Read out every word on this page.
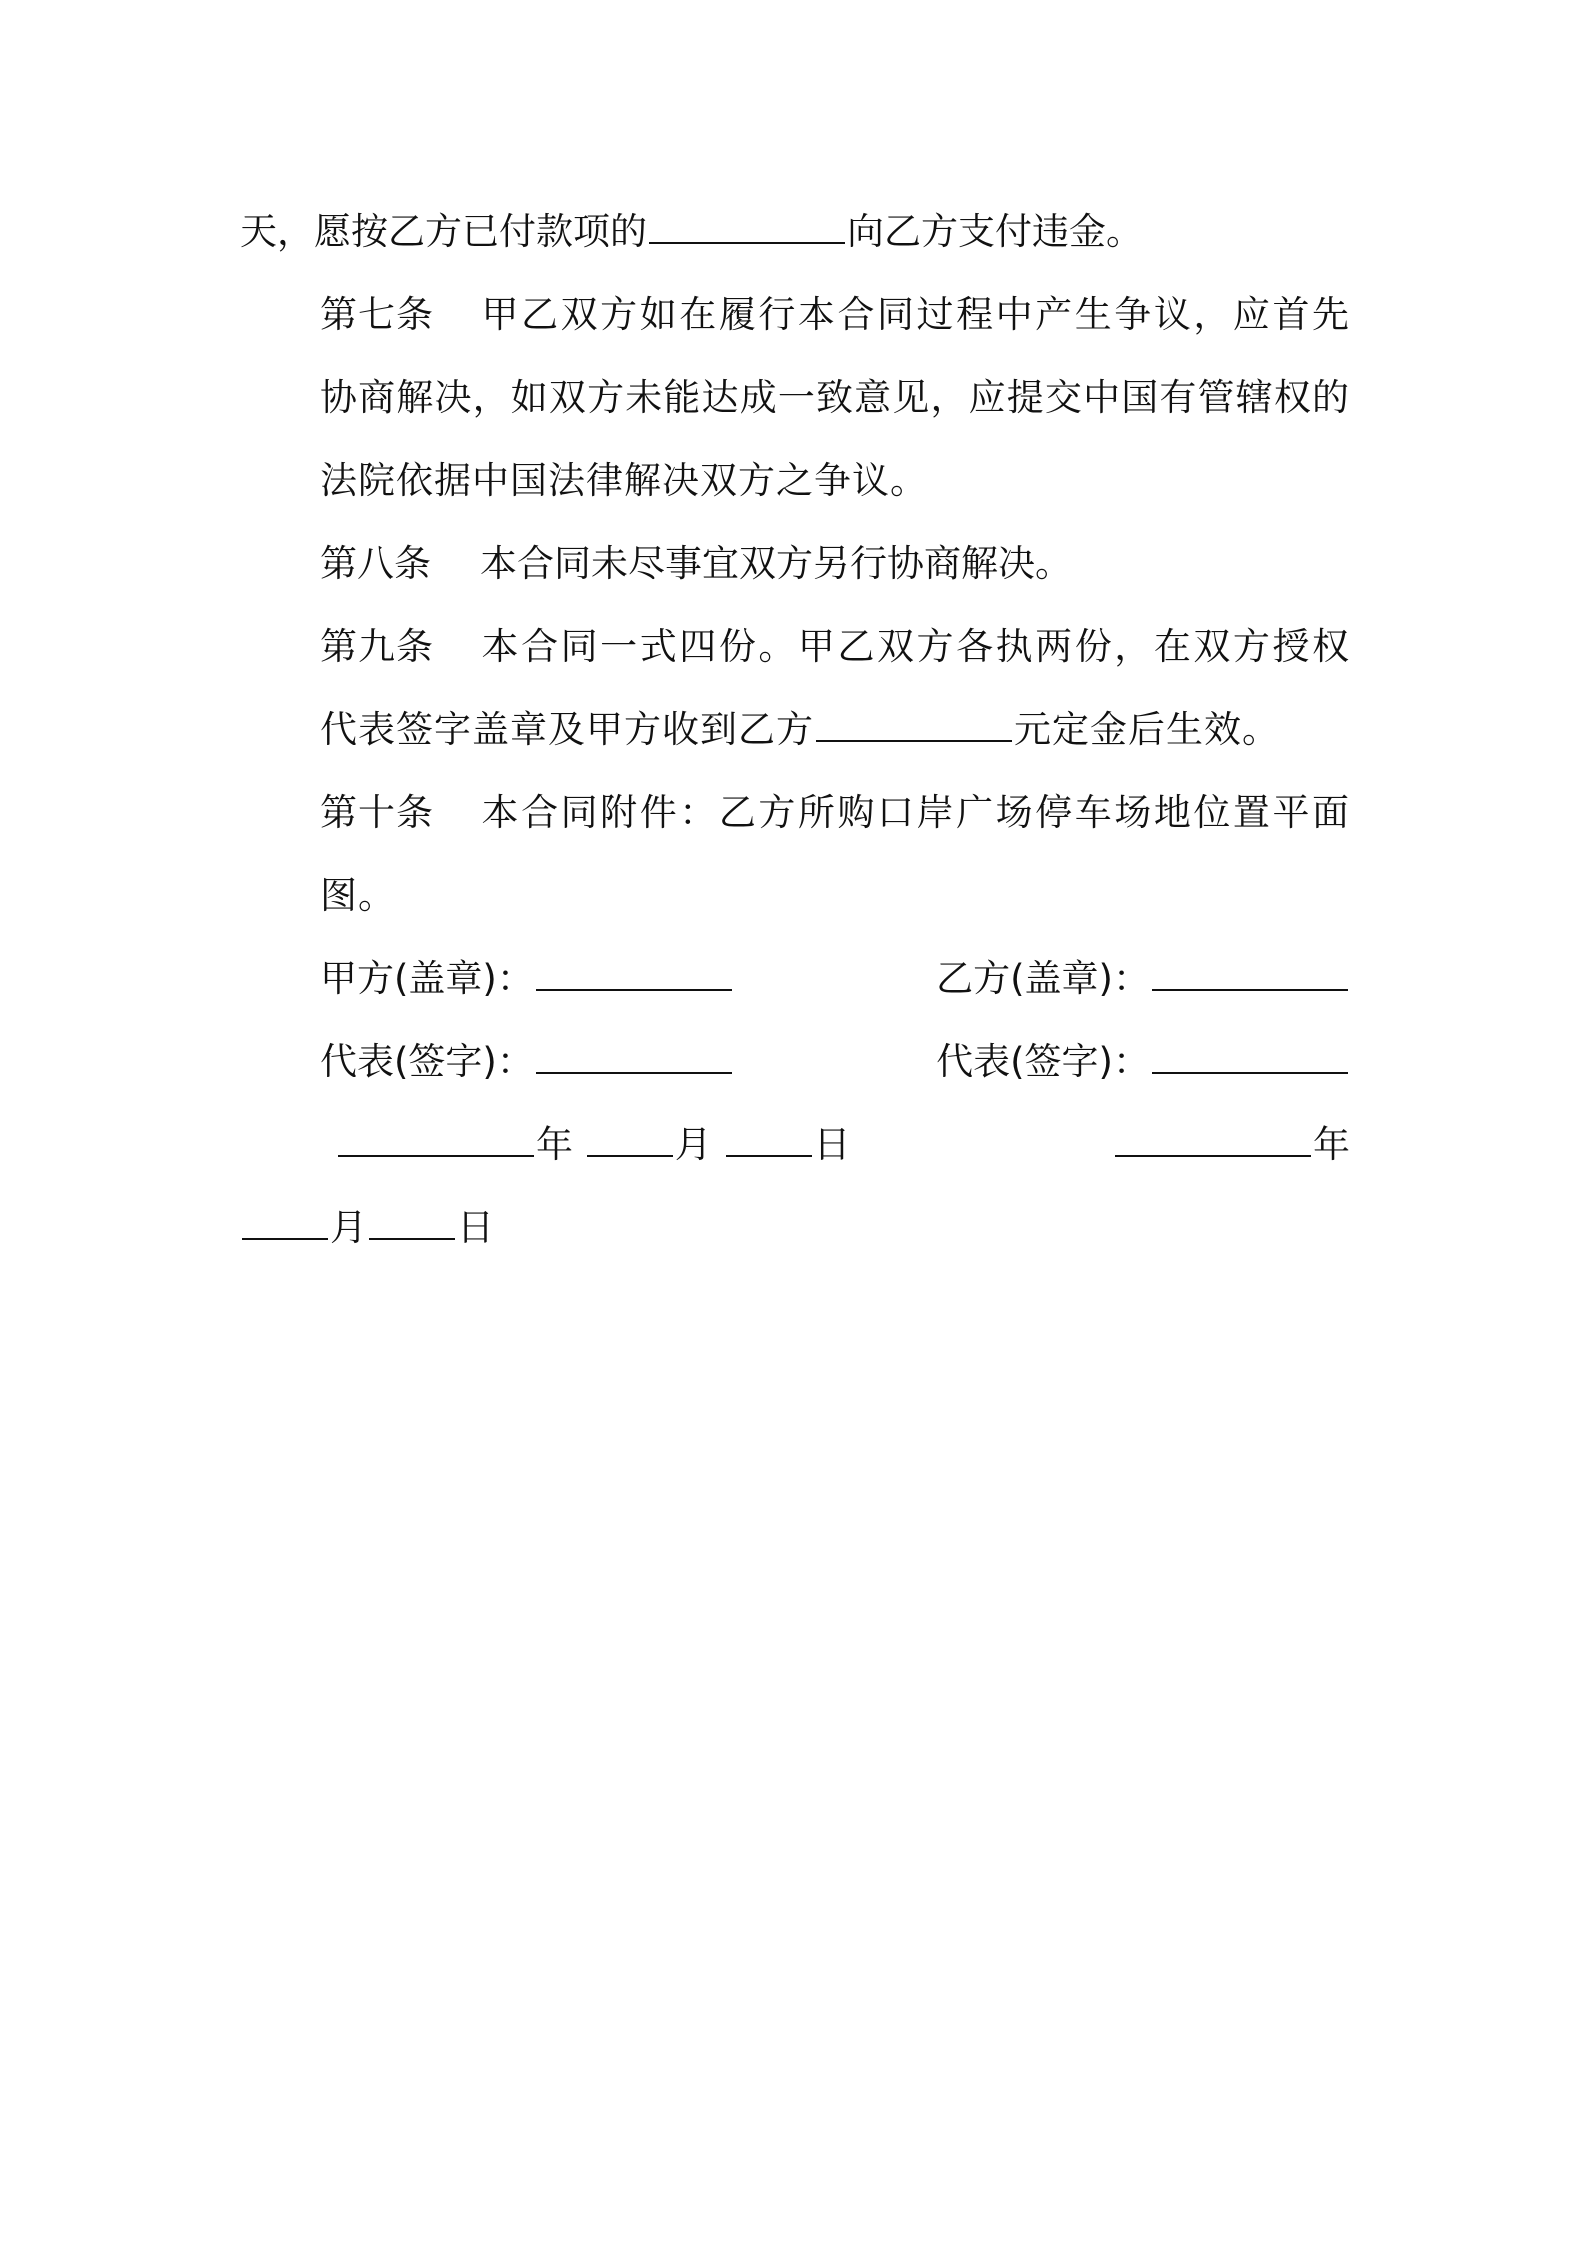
天，愿按乙方已付款项的	向乙方支付违金。

第七条 甲乙双方如在履行本合同过程中产生争议，应首先协商解决，如双方未能达成一致意见，应提交中国有管辖权的法院依据中国法律解决双方之争议。

第八条 本合同未尽事宜双方另行协商解决。

第九条 本合同一式四份。甲乙双方各执两份，在双方授权代表签字盖章及甲方收到乙方	元定金后生效。

第十条 本合同附件：乙方所购口岸广场停车场地位置平面图。

甲方(盖章)：	乙方(盖章)：
代表(签字)：	代表(签字)：
年	月	日	年

月 日
